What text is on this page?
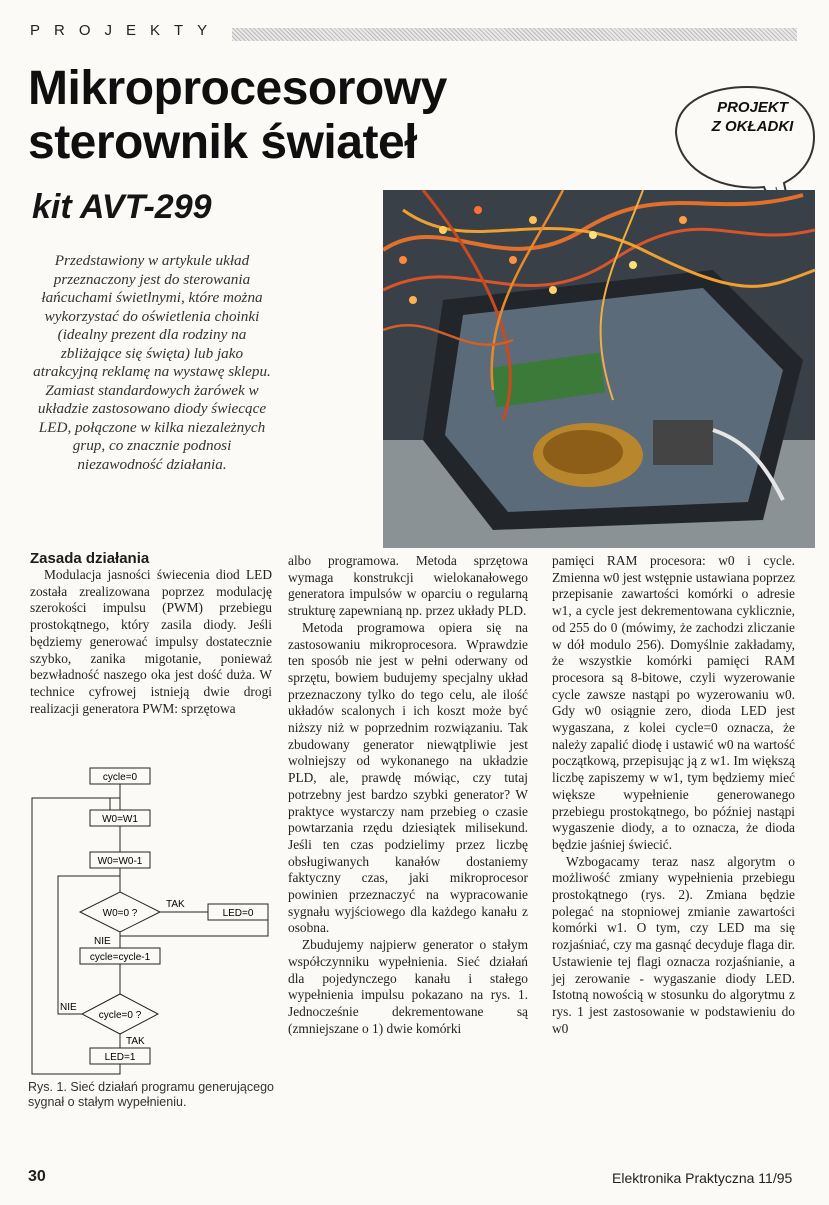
PROJEKTY
Mikroprocesorowy
sterownik świateł
kit AVT-299
PROJEKT
Z OKŁADKI
Przedstawiony w artykule układ przeznaczony jest do sterowania łańcuchami świetlnymi, które można wykorzystać do oświetlenia choinki (idealny prezent dla rodziny na zbliżające się święta) lub jako atrakcyjną reklamę na wystawę sklepu. Zamiast standardowych żarówek w układzie zastosowano diody świecące LED, połączone w kilka niezależnych grup, co znacznie podnosi niezawodność działania.
Zasada działania

Modulacja jasności świecenia diod LED została zrealizowana poprzez modulację szerokości impulsu (PWM) przebiegu prostokątnego, który zasila diody. Jeśli będziemy generować impulsy dostatecznie szybko, zanika migotanie, ponieważ bezwładność naszego oka jest dość duża. W technice cyfrowej istnieją dwie drogi realizacji generatora PWM: sprzętowa

cycle=0
W0=W1
W0=W0-1
W0=0 ?
TAK
LED=0
NIE
cycle=cycle-1
cycle=0 ?
NIE
TAK
LED=1
Rys. 1. Sieć działań programu generującego sygnał o stałym wypełnieniu.

albo programowa. Metoda sprzętowa wymaga konstrukcji wielokanałowego generatora impulsów w oparciu o regularną strukturę zapewnianą np. przez układy PLD.

Metoda programowa opiera się na zastosowaniu mikroprocesora. Wprawdzie ten sposób nie jest w pełni oderwany od sprzętu, bowiem budujemy specjalny układ przeznaczony tylko do tego celu, ale ilość układów scalonych i ich koszt może być niższy niż w poprzednim rozwiązaniu. Tak zbudowany generator niewątpliwie jest wolniejszy od wykonanego na układzie PLD, ale, prawdę mówiąc, czy tutaj potrzebny jest bardzo szybki generator? W praktyce wystarczy nam przebieg o czasie powtarzania rzędu dziesiątek milisekund. Jeśli ten czas podzielimy przez liczbę obsługiwanych kanałów dostaniemy faktyczny czas, jaki mikroprocesor powinien przeznaczyć na wypracowanie sygnału wyjściowego dla każdego kanału z osobna.

Zbudujemy najpierw generator o stałym współczynniku wypełnienia. Sieć działań dla pojedynczego kanału i stałego wypełnienia impulsu pokazano na rys. 1. Jednocześnie dekrementowane są (zmniejszane o 1) dwie komórki

pamięci RAM procesora: w0 i cycle. Zmienna w0 jest wstępnie ustawiana poprzez przepisanie zawartości komórki o adresie w1, a cycle jest dekrementowana cyklicznie, od 255 do 0 (mówimy, że zachodzi zliczanie w dół modulo 256). Domyślnie zakładamy, że wszystkie komórki pamięci RAM procesora są 8-bitowe, czyli wyzerowanie cycle zawsze nastąpi po wyzerowaniu w0. Gdy w0 osiągnie zero, dioda LED jest wygaszana, z kolei cycle=0 oznacza, że należy zapalić diodę i ustawić w0 na wartość początkową, przepisując ją z w1. Im większą liczbę zapiszemy w w1, tym będziemy mieć większe wypełnienie generowanego przebiegu prostokątnego, bo później nastąpi wygaszenie diody, a to oznacza, że dioda będzie jaśniej świecić.

Wzbogacamy teraz nasz algorytm o możliwość zmiany wypełnienia przebiegu prostokątnego (rys. 2). Zmiana będzie polegać na stopniowej zmianie zawartości komórki w1. O tym, czy LED ma się rozjaśniać, czy ma gasnąć decyduje flaga dir. Ustawienie tej flagi oznacza rozjaśnianie, a jej zerowanie - wygaszanie diody LED. Istotną nowością w stosunku do algorytmu z rys. 1 jest zastosowanie w podstawieniu do w0

30	Elektronika Praktyczna 11/95
